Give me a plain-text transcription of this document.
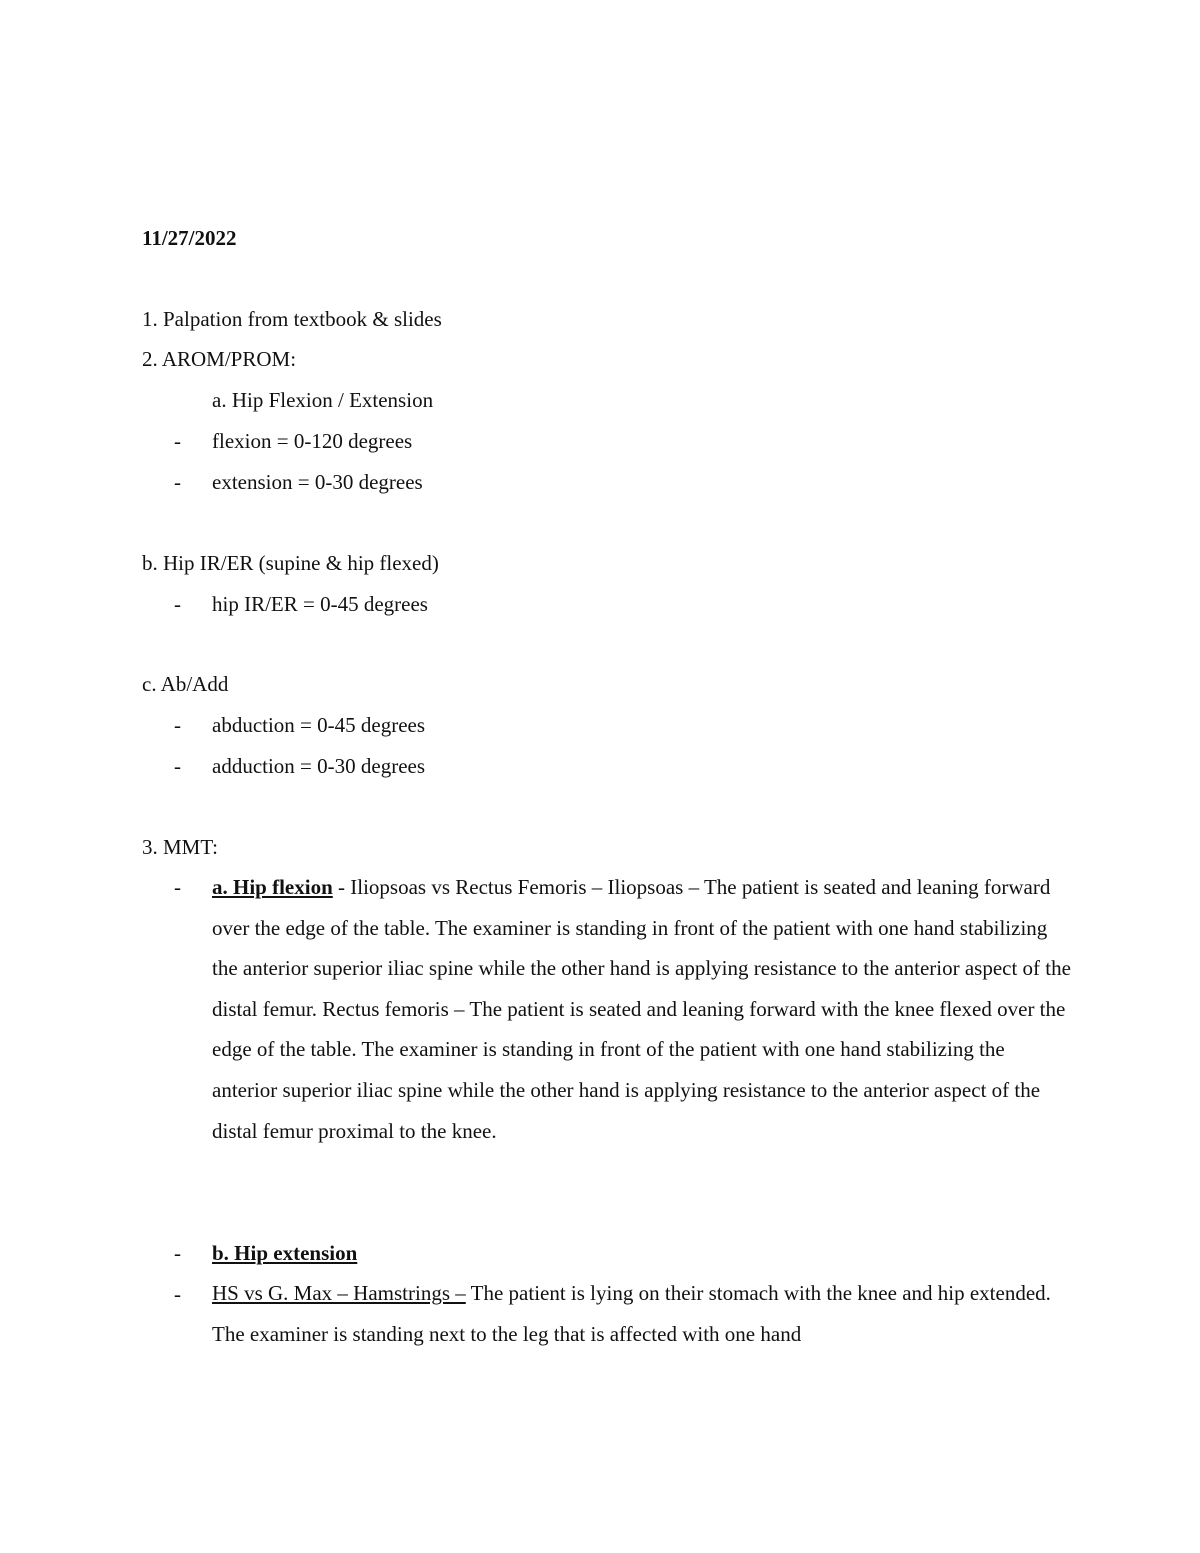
11/27/2022
1. Palpation from textbook & slides
2. AROM/PROM:
a. Hip Flexion / Extension
-	flexion = 0-120 degrees
-	extension = 0-30 degrees
b. Hip IR/ER (supine & hip flexed)
-	hip IR/ER = 0-45 degrees
c. Ab/Add
-	abduction = 0-45 degrees
-	adduction = 0-30 degrees
3. MMT:
-	a. Hip flexion - Iliopsoas vs Rectus Femoris – Iliopsoas – The patient is seated and leaning forward over the edge of the table. The examiner is standing in front of the patient with one hand stabilizing the anterior superior iliac spine while the other hand is applying resistance to the anterior aspect of the distal femur. Rectus femoris – The patient is seated and leaning forward with the knee flexed over the edge of the table. The examiner is standing in front of the patient with one hand stabilizing the anterior superior iliac spine while the other hand is applying resistance to the anterior aspect of the distal femur proximal to the knee.
-	b. Hip extension
-	HS vs G. Max – Hamstrings – The patient is lying on their stomach with the knee and hip extended. The examiner is standing next to the leg that is affected with one hand
